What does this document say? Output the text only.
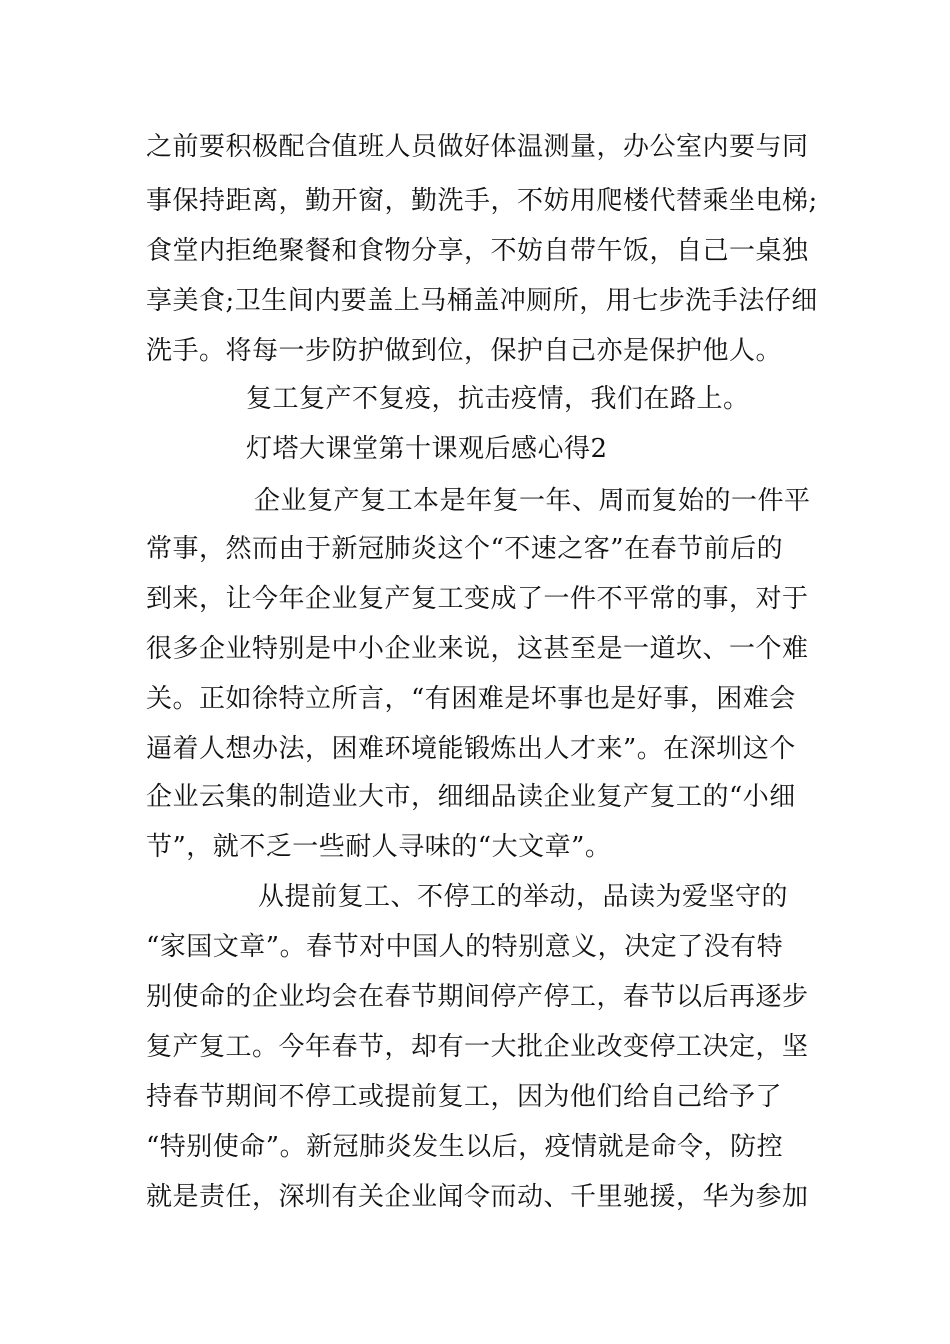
之前要积极配合值班人员做好体温测量，办公室内要与同
事保持距离，勤开窗，勤洗手，不妨用爬楼代替乘坐电梯;
食堂内拒绝聚餐和食物分享，不妨自带午饭，自己一桌独
享美食;卫生间内要盖上马桶盖冲厕所，用七步洗手法仔细
洗手。将每一步防护做到位，保护自己亦是保护他人。
复工复产不复疫，抗击疫情，我们在路上。
灯塔大课堂第十课观后感心得2
企业复产复工本是年复一年、周而复始的一件平
常事，然而由于新冠肺炎这个“不速之客”在春节前后的
到来，让今年企业复产复工变成了一件不平常的事，对于
很多企业特别是中小企业来说，这甚至是一道坎、一个难
关。正如徐特立所言，“有困难是坏事也是好事，困难会
逼着人想办法，困难环境能锻炼出人才来”。在深圳这个
企业云集的制造业大市，细细品读企业复产复工的“小细
节”，就不乏一些耐人寻味的“大文章”。
从提前复工、不停工的举动，品读为爱坚守的
“家国文章”。春节对中国人的特别意义，决定了没有特
别使命的企业均会在春节期间停产停工，春节以后再逐步
复产复工。今年春节，却有一大批企业改变停工决定，坚
持春节期间不停工或提前复工，因为他们给自己给予了
“特别使命”。新冠肺炎发生以后，疫情就是命令，防控
就是责任，深圳有关企业闻令而动、千里驰援，华为参加
